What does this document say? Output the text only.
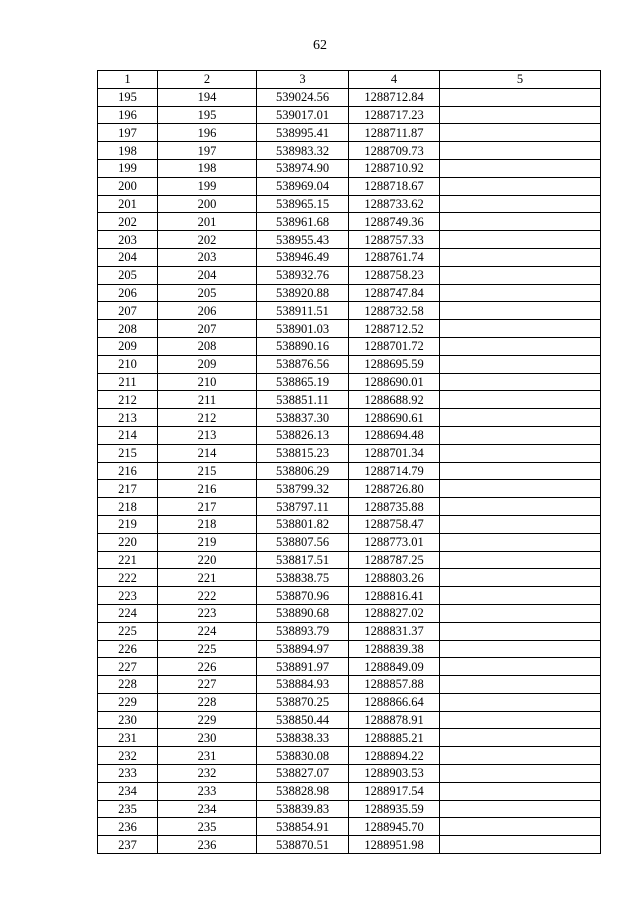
62
1	2	3	4	5
195	194	539024.56	1288712.84	
196	195	539017.01	1288717.23	
197	196	538995.41	1288711.87	
198	197	538983.32	1288709.73	
199	198	538974.90	1288710.92	
200	199	538969.04	1288718.67	
201	200	538965.15	1288733.62	
202	201	538961.68	1288749.36	
203	202	538955.43	1288757.33	
204	203	538946.49	1288761.74	
205	204	538932.76	1288758.23	
206	205	538920.88	1288747.84	
207	206	538911.51	1288732.58	
208	207	538901.03	1288712.52	
209	208	538890.16	1288701.72	
210	209	538876.56	1288695.59	
211	210	538865.19	1288690.01	
212	211	538851.11	1288688.92	
213	212	538837.30	1288690.61	
214	213	538826.13	1288694.48	
215	214	538815.23	1288701.34	
216	215	538806.29	1288714.79	
217	216	538799.32	1288726.80	
218	217	538797.11	1288735.88	
219	218	538801.82	1288758.47	
220	219	538807.56	1288773.01	
221	220	538817.51	1288787.25	
222	221	538838.75	1288803.26	
223	222	538870.96	1288816.41	
224	223	538890.68	1288827.02	
225	224	538893.79	1288831.37	
226	225	538894.97	1288839.38	
227	226	538891.97	1288849.09	
228	227	538884.93	1288857.88	
229	228	538870.25	1288866.64	
230	229	538850.44	1288878.91	
231	230	538838.33	1288885.21	
232	231	538830.08	1288894.22	
233	232	538827.07	1288903.53	
234	233	538828.98	1288917.54	
235	234	538839.83	1288935.59	
236	235	538854.91	1288945.70	
237	236	538870.51	1288951.98	
